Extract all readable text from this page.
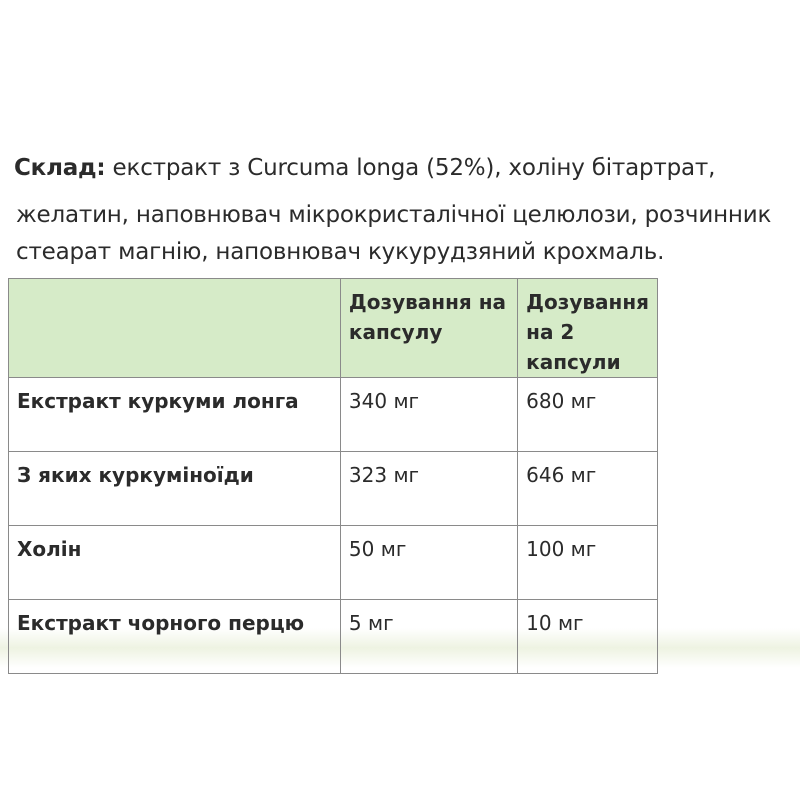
Склад: екстракт з Curcuma longa (52%), холіну бітартрат,
желатин, наповнювач мікрокристалічної целюлози, розчинник
стеарат магнію, наповнювач кукурудзяний крохмаль.
	Дозування на капсулу	Дозування на 2 капсули
Екстракт куркуми лонга	340 мг	680 мг
З яких куркуміноїди	323 мг	646 мг
Холін	50 мг	100 мг
Екстракт чорного перцю	5 мг	10 мг
